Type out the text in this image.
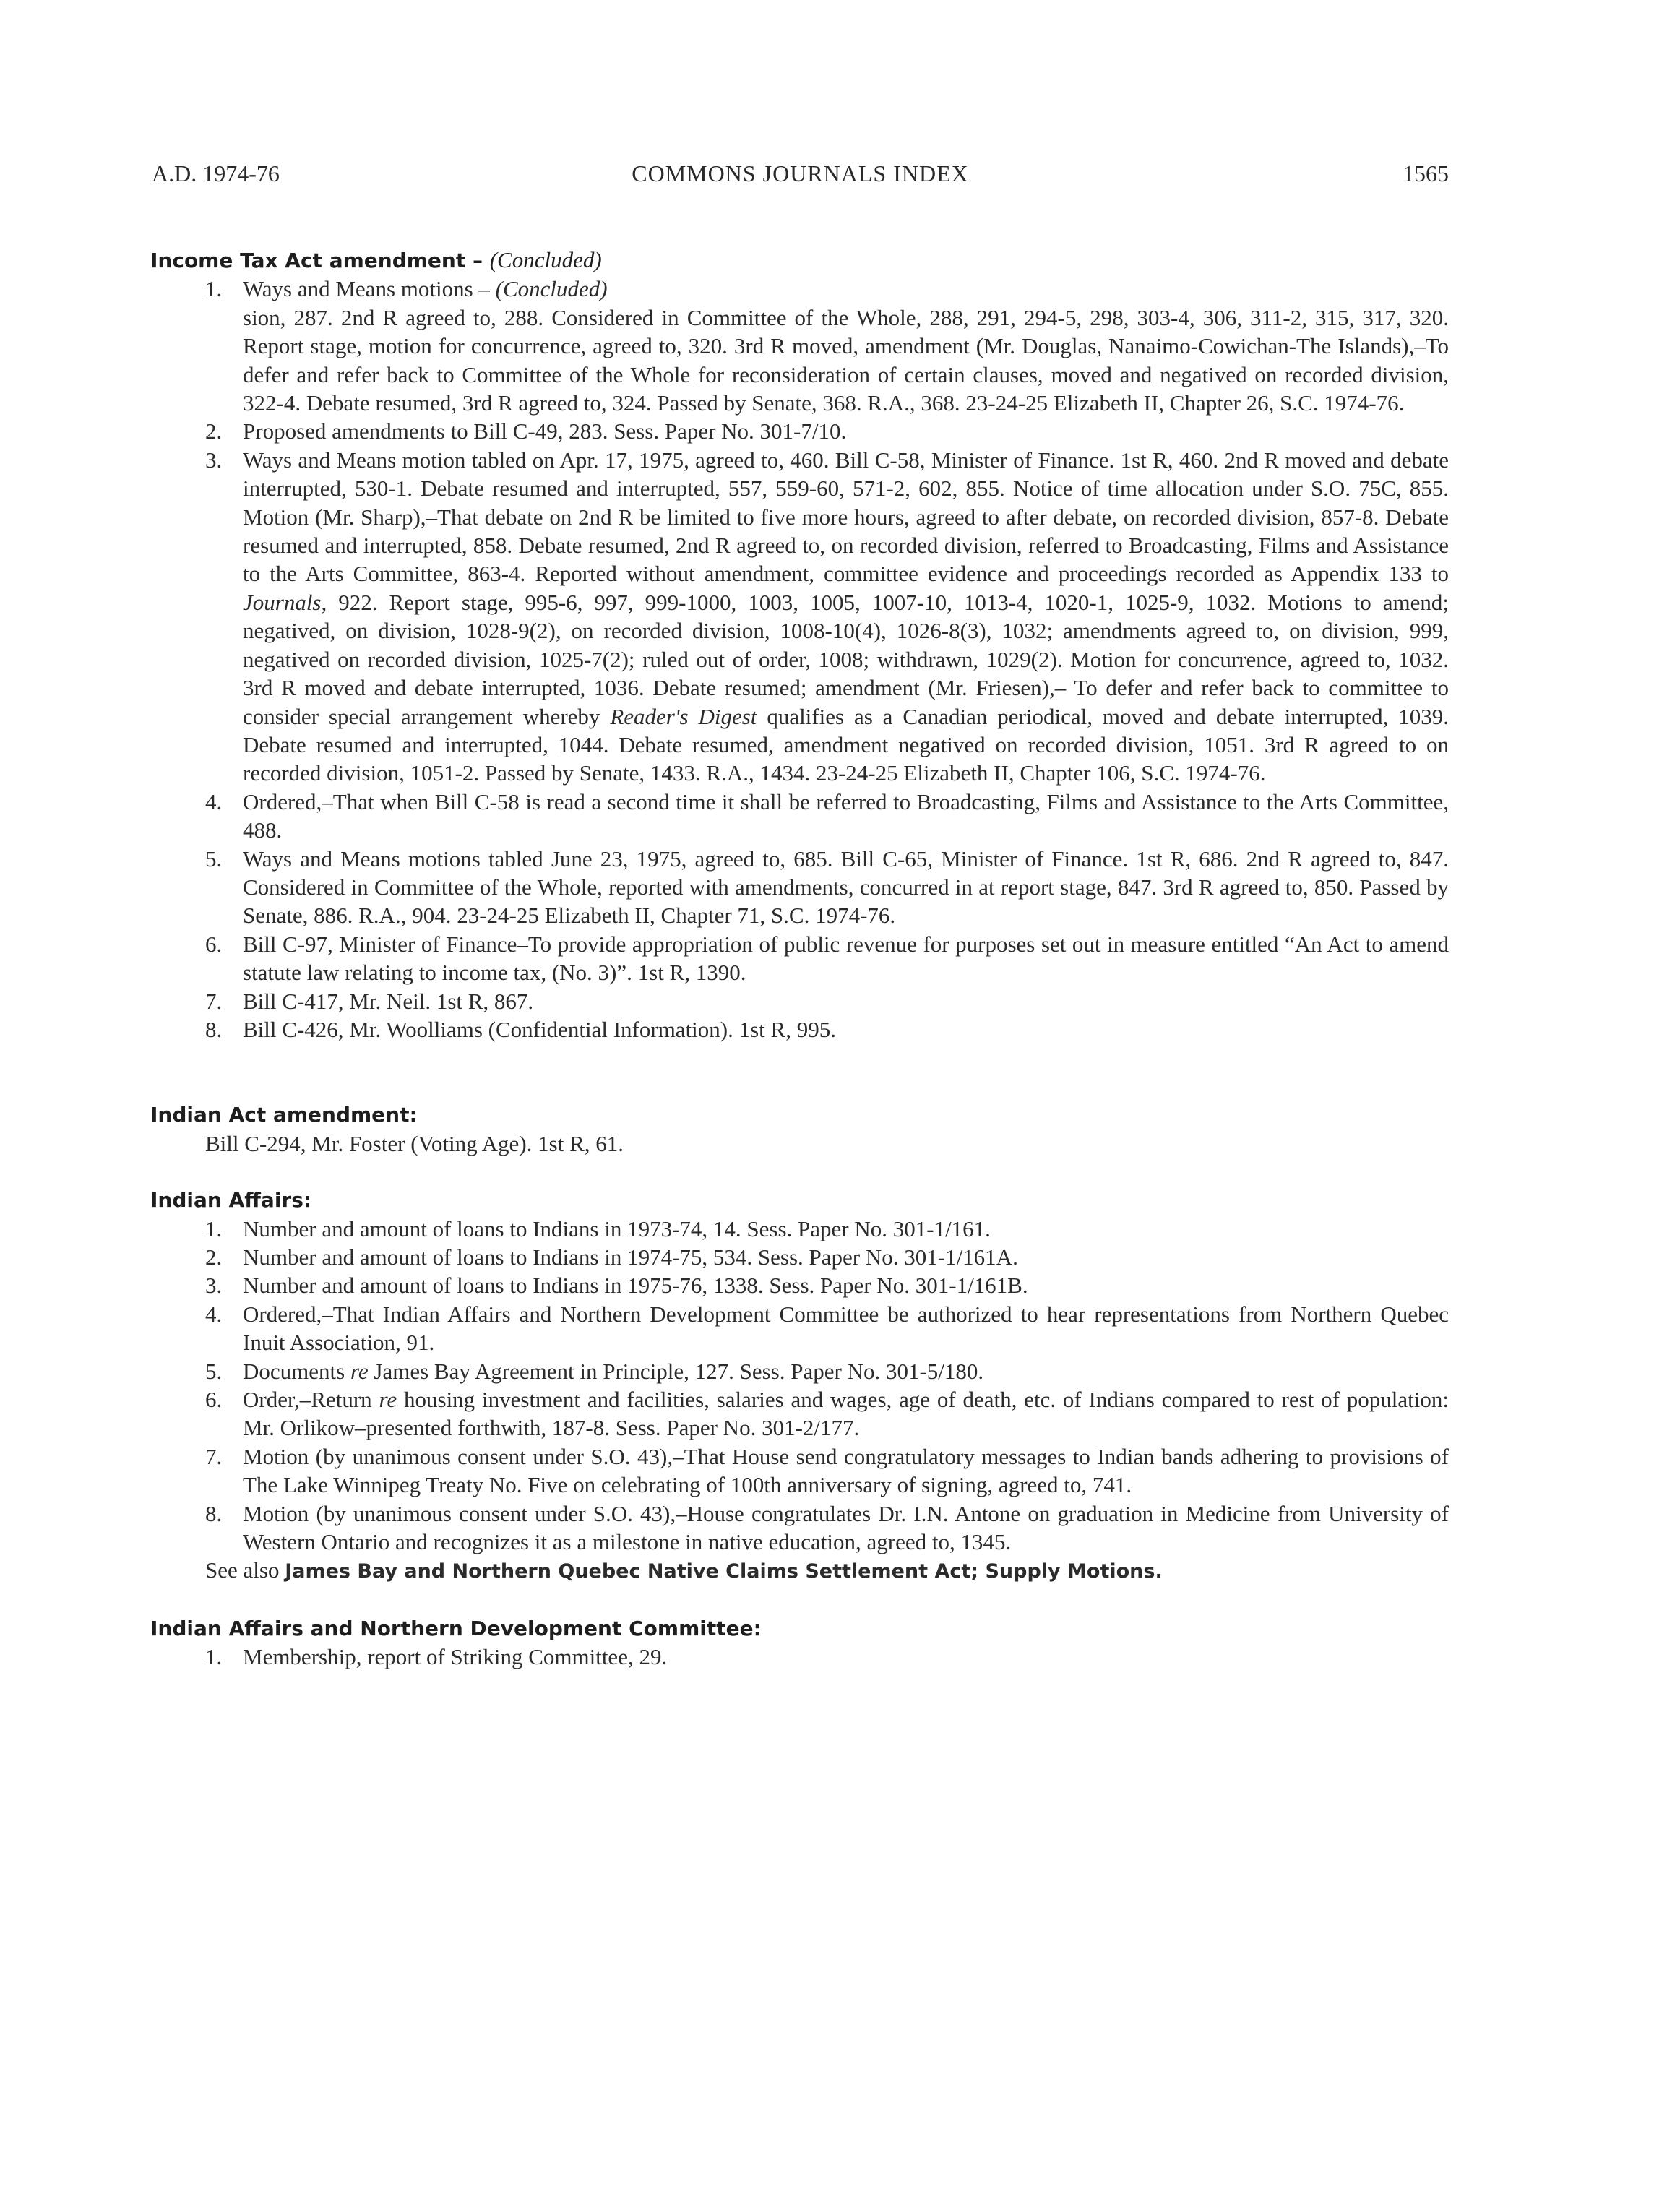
A.D. 1974-76	COMMONS JOURNALS INDEX	1565
Income Tax Act amendment – (Concluded)
1. Ways and Means motions – (Concluded)
sion, 287. 2nd R agreed to, 288. Considered in Committee of the Whole, 288, 291, 294-5, 298, 303-4, 306, 311-2, 315, 317, 320. Report stage, motion for concurrence, agreed to, 320. 3rd R moved, amendment (Mr. Douglas, Nanaimo-Cowichan-The Islands),–To defer and refer back to Committee of the Whole for reconsideration of certain clauses, moved and negatived on recorded division, 322-4. Debate resumed, 3rd R agreed to, 324. Passed by Senate, 368. R.A., 368. 23-24-25 Elizabeth II, Chapter 26, S.C. 1974-76.
2. Proposed amendments to Bill C-49, 283. Sess. Paper No. 301-7/10.
3. Ways and Means motion tabled on Apr. 17, 1975, agreed to, 460. Bill C-58, Minister of Finance. 1st R, 460. 2nd R moved and debate interrupted, 530-1. Debate resumed and interrupted, 557, 559-60, 571-2, 602, 855. Notice of time allocation under S.O. 75C, 855. Motion (Mr. Sharp),–That debate on 2nd R be limited to five more hours, agreed to after debate, on recorded division, 857-8. Debate resumed and interrupted, 858. Debate resumed, 2nd R agreed to, on recorded division, referred to Broadcasting, Films and Assistance to the Arts Committee, 863-4. Reported without amendment, committee evidence and proceedings recorded as Appendix 133 to Journals, 922. Report stage, 995-6, 997, 999-1000, 1003, 1005, 1007-10, 1013-4, 1020-1, 1025-9, 1032. Motions to amend; negatived, on division, 1028-9(2), on recorded division, 1008-10(4), 1026-8(3), 1032; amendments agreed to, on division, 999, negatived on recorded division, 1025-7(2); ruled out of order, 1008; withdrawn, 1029(2). Motion for concurrence, agreed to, 1032. 3rd R moved and debate interrupted, 1036. Debate resumed; amendment (Mr. Friesen),– To defer and refer back to committee to consider special arrangement whereby Reader's Digest qualifies as a Canadian periodical, moved and debate interrupted, 1039. Debate resumed and interrupted, 1044. Debate resumed, amendment negatived on recorded division, 1051. 3rd R agreed to on recorded division, 1051-2. Passed by Senate, 1433. R.A., 1434. 23-24-25 Elizabeth II, Chapter 106, S.C. 1974-76.
4. Ordered,–That when Bill C-58 is read a second time it shall be referred to Broadcasting, Films and Assistance to the Arts Committee, 488.
5. Ways and Means motions tabled June 23, 1975, agreed to, 685. Bill C-65, Minister of Finance. 1st R, 686. 2nd R agreed to, 847. Considered in Committee of the Whole, reported with amendments, concurred in at report stage, 847. 3rd R agreed to, 850. Passed by Senate, 886. R.A., 904. 23-24-25 Elizabeth II, Chapter 71, S.C. 1974-76.
6. Bill C-97, Minister of Finance–To provide appropriation of public revenue for purposes set out in measure entitled “An Act to amend statute law relating to income tax, (No. 3)”. 1st R, 1390.
7. Bill C-417, Mr. Neil. 1st R, 867.
8. Bill C-426, Mr. Woolliams (Confidential Information). 1st R, 995.
Indian Act amendment:
Bill C-294, Mr. Foster (Voting Age). 1st R, 61.
Indian Affairs:
1. Number and amount of loans to Indians in 1973-74, 14. Sess. Paper No. 301-1/161.
2. Number and amount of loans to Indians in 1974-75, 534. Sess. Paper No. 301-1/161A.
3. Number and amount of loans to Indians in 1975-76, 1338. Sess. Paper No. 301-1/161B.
4. Ordered,–That Indian Affairs and Northern Development Committee be authorized to hear representations from Northern Quebec Inuit Association, 91.
5. Documents re James Bay Agreement in Principle, 127. Sess. Paper No. 301-5/180.
6. Order,–Return re housing investment and facilities, salaries and wages, age of death, etc. of Indians compared to rest of population: Mr. Orlikow–presented forthwith, 187-8. Sess. Paper No. 301-2/177.
7. Motion (by unanimous consent under S.O. 43),–That House send congratulatory messages to Indian bands adhering to provisions of The Lake Winnipeg Treaty No. Five on celebrating of 100th anniversary of signing, agreed to, 741.
8. Motion (by unanimous consent under S.O. 43),–House congratulates Dr. I.N. Antone on graduation in Medicine from University of Western Ontario and recognizes it as a milestone in native education, agreed to, 1345.
See also James Bay and Northern Quebec Native Claims Settlement Act; Supply Motions.
Indian Affairs and Northern Development Committee:
1. Membership, report of Striking Committee, 29.
